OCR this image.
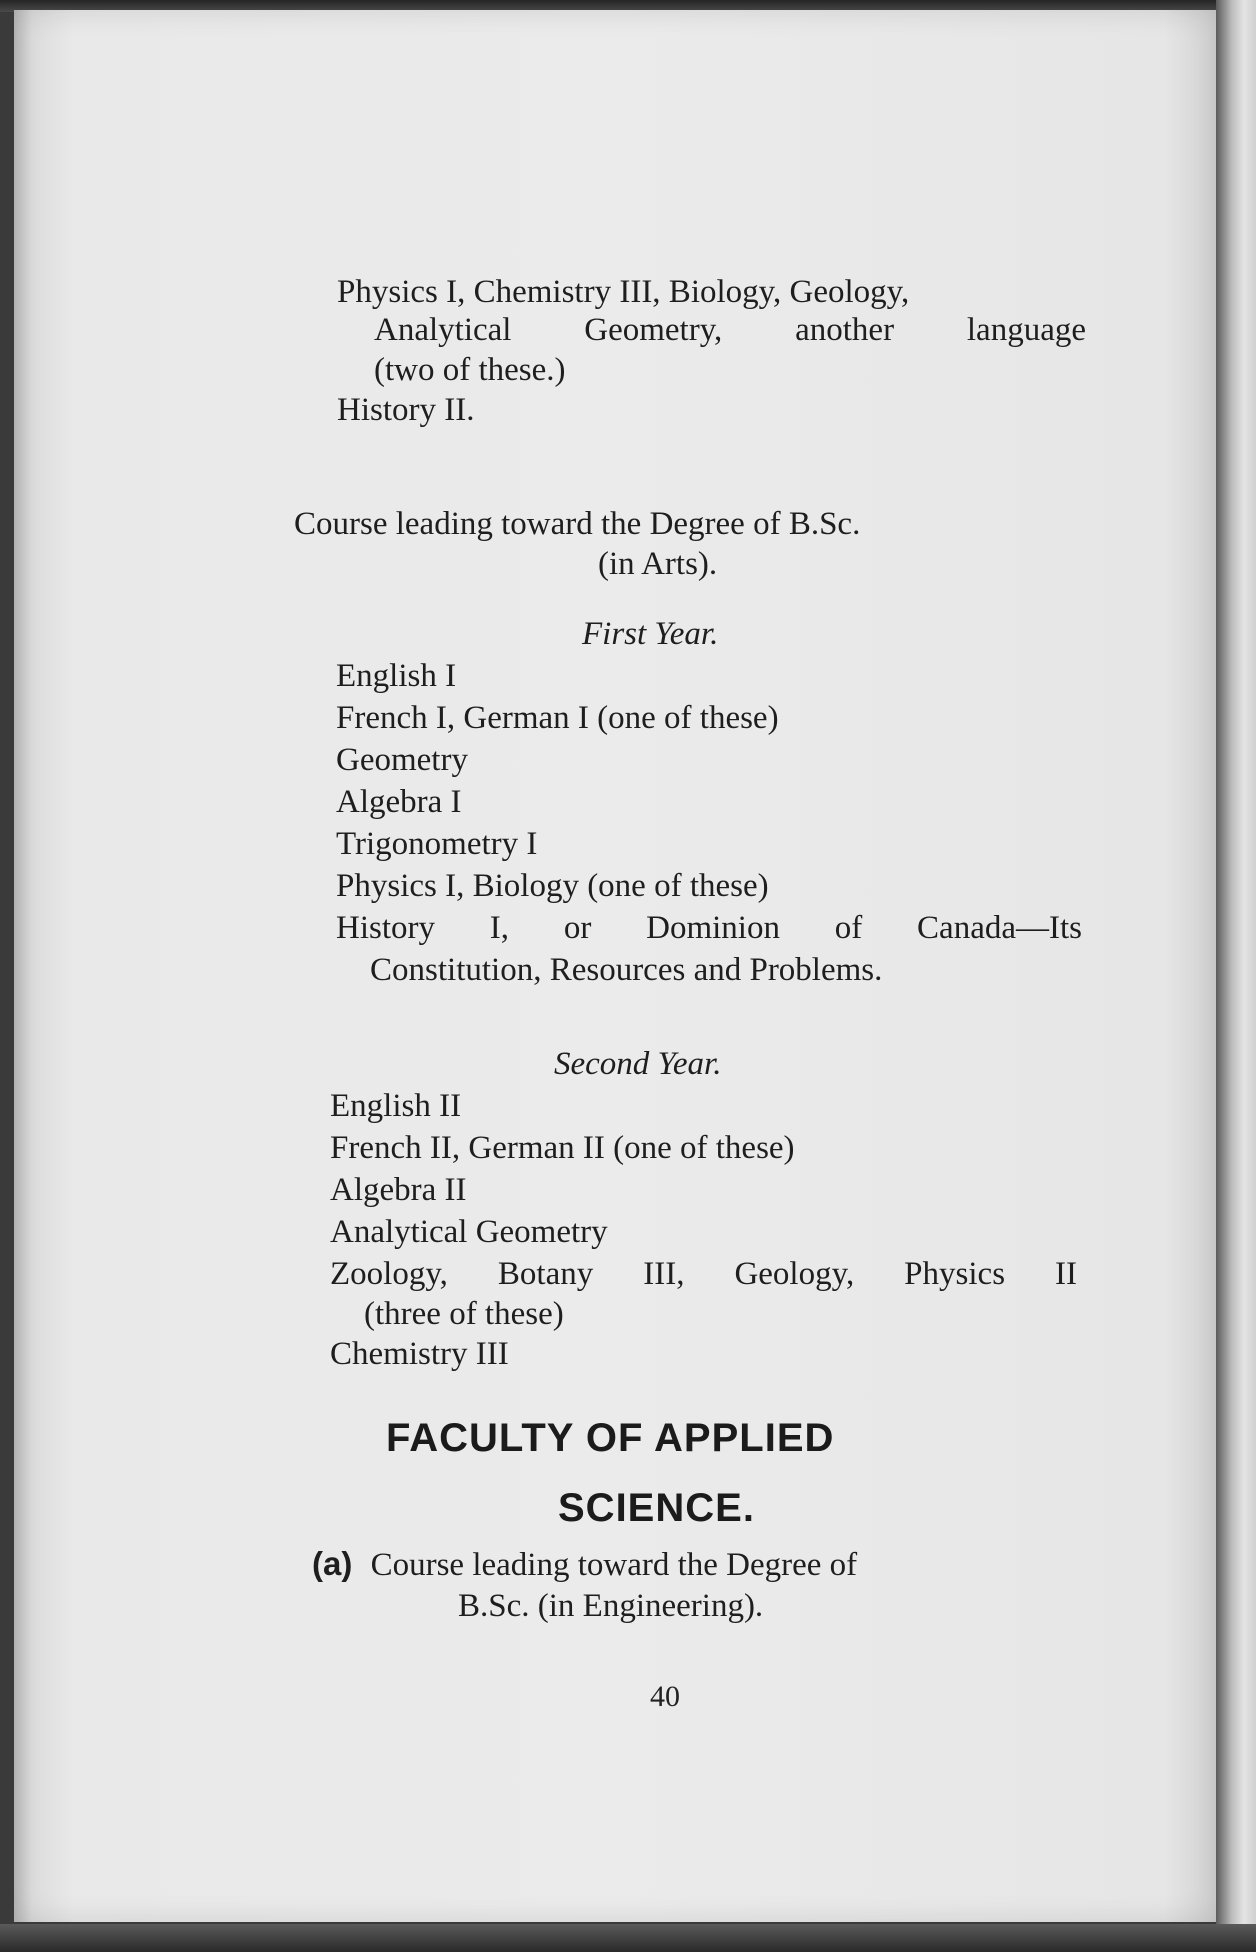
Physics I, Chemistry III, Biology, Geology,
Analytical Geometry, another language
(two of these.)
History II.
Course leading toward the Degree of B.Sc.
(in Arts).
First Year.
English I
French I, German I (one of these)
Geometry
Algebra I
Trigonometry I
Physics I, Biology (one of these)
History I, or Dominion of Canada—Its
Constitution, Resources and Problems.
Second Year.
English II
French II, German II (one of these)
Algebra II
Analytical Geometry
Zoology, Botany III, Geology, Physics II
(three of these)
Chemistry III
FACULTY OF APPLIED
SCIENCE.
(a) Course leading toward the Degree of
B.Sc. (in Engineering).
40
